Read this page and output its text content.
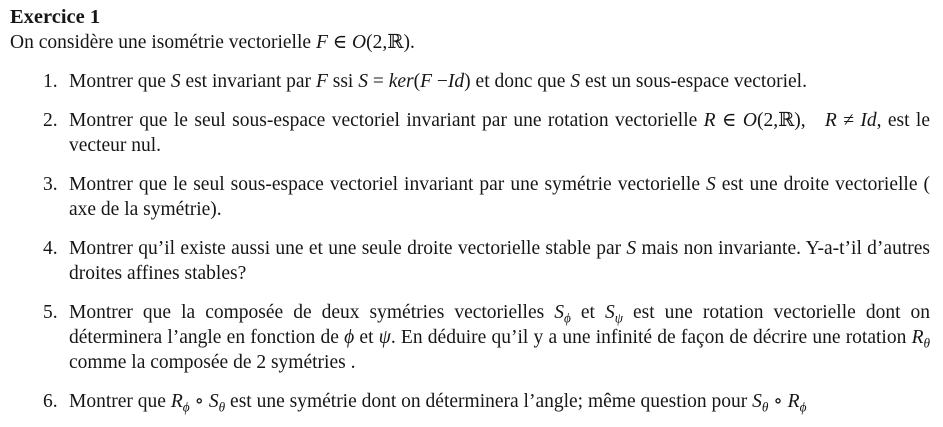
Exercice 1

On considère une isométrie vectorielle F ∈ O(2,ℝ).

1. Montrer que S est invariant par F ssi S = ker(F −Id) et donc que S est un sous-espace vectoriel.
2. Montrer que le seul sous-espace vectoriel invariant par une rotation vectorielle R ∈ O(2,ℝ),   R ≠ Id, est le vecteur nul.
3. Montrer que le seul sous-espace vectoriel invariant par une symétrie vectorielle S est une droite vectorielle ( axe de la symétrie).
4. Montrer qu’il existe aussi une et une seule droite vectorielle stable par S mais non invariante. Y-a-t’il d’autres droites affines stables?
5. Montrer que la composée de deux symétries vectorielles $S_\phi$ et $S_\psi$ est une rotation vectorielle dont on déterminera l’angle en fonction de ϕ et ψ. En déduire qu’il y a une infinité de façon de décrire une rotation $R_\theta$ comme la composée de 2 symétries .
6. Montrer que $R_\phi$ ∘ $S_\theta$ est une symétrie dont on déterminera l’angle; même question pour $S_\theta$ ∘ $R_\phi$
